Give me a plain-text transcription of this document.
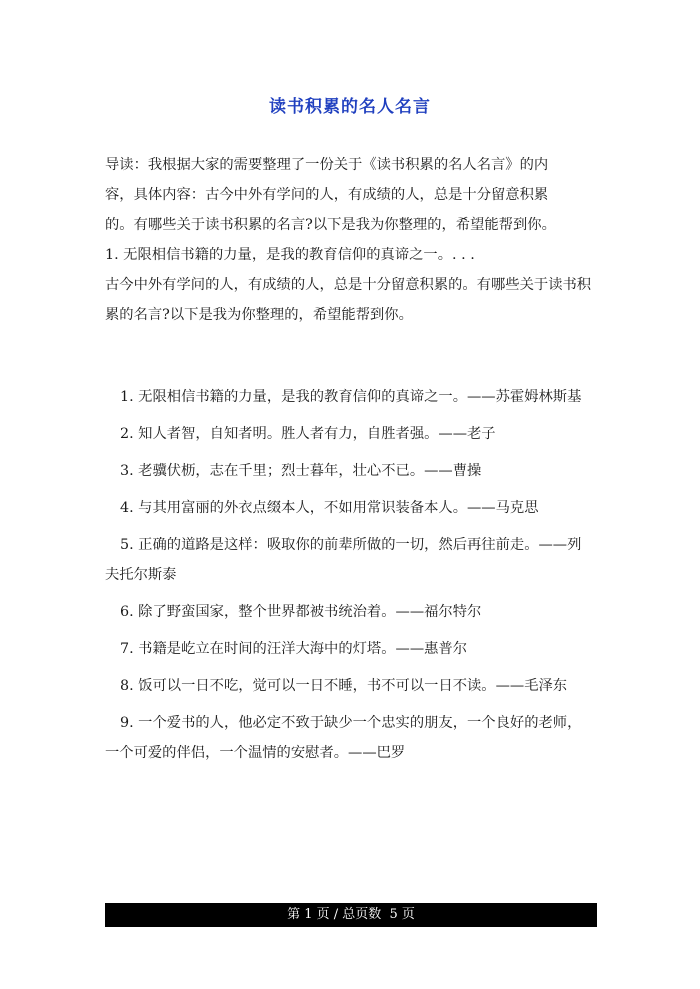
读书积累的名人名言

导读：我根据大家的需要整理了一份关于《读书积累的名人名言》的内

容，具体内容：古今中外有学问的人，有成绩的人，总是十分留意积累

的。有哪些关于读书积累的名言?以下是我为你整理的，希望能帮到你。

1. 无限相信书籍的力量，是我的教育信仰的真谛之一。. . .

古今中外有学问的人，有成绩的人，总是十分留意积累的。有哪些关于读书积累的名言?以下是我为你整理的，希望能帮到你。

1. 无限相信书籍的力量，是我的教育信仰的真谛之一。——苏霍姆林斯基

2. 知人者智，自知者明。胜人者有力，自胜者强。——老子

3. 老骥伏枥，志在千里；烈士暮年，壮心不已。——曹操

4. 与其用富丽的外衣点缀本人，不如用常识装备本人。——马克思

5. 正确的道路是这样：吸取你的前辈所做的一切，然后再往前走。——列夫托尔斯泰

6. 除了野蛮国家，整个世界都被书统治着。——福尔特尔

7. 书籍是屹立在时间的汪洋大海中的灯塔。——惠普尔

8. 饭可以一日不吃，觉可以一日不睡，书不可以一日不读。——毛泽东

9. 一个爱书的人，他必定不致于缺少一个忠实的朋友，一个良好的老师，一个可爱的伴侣，一个温情的安慰者。——巴罗

第 1 页 / 总页数  5 页
